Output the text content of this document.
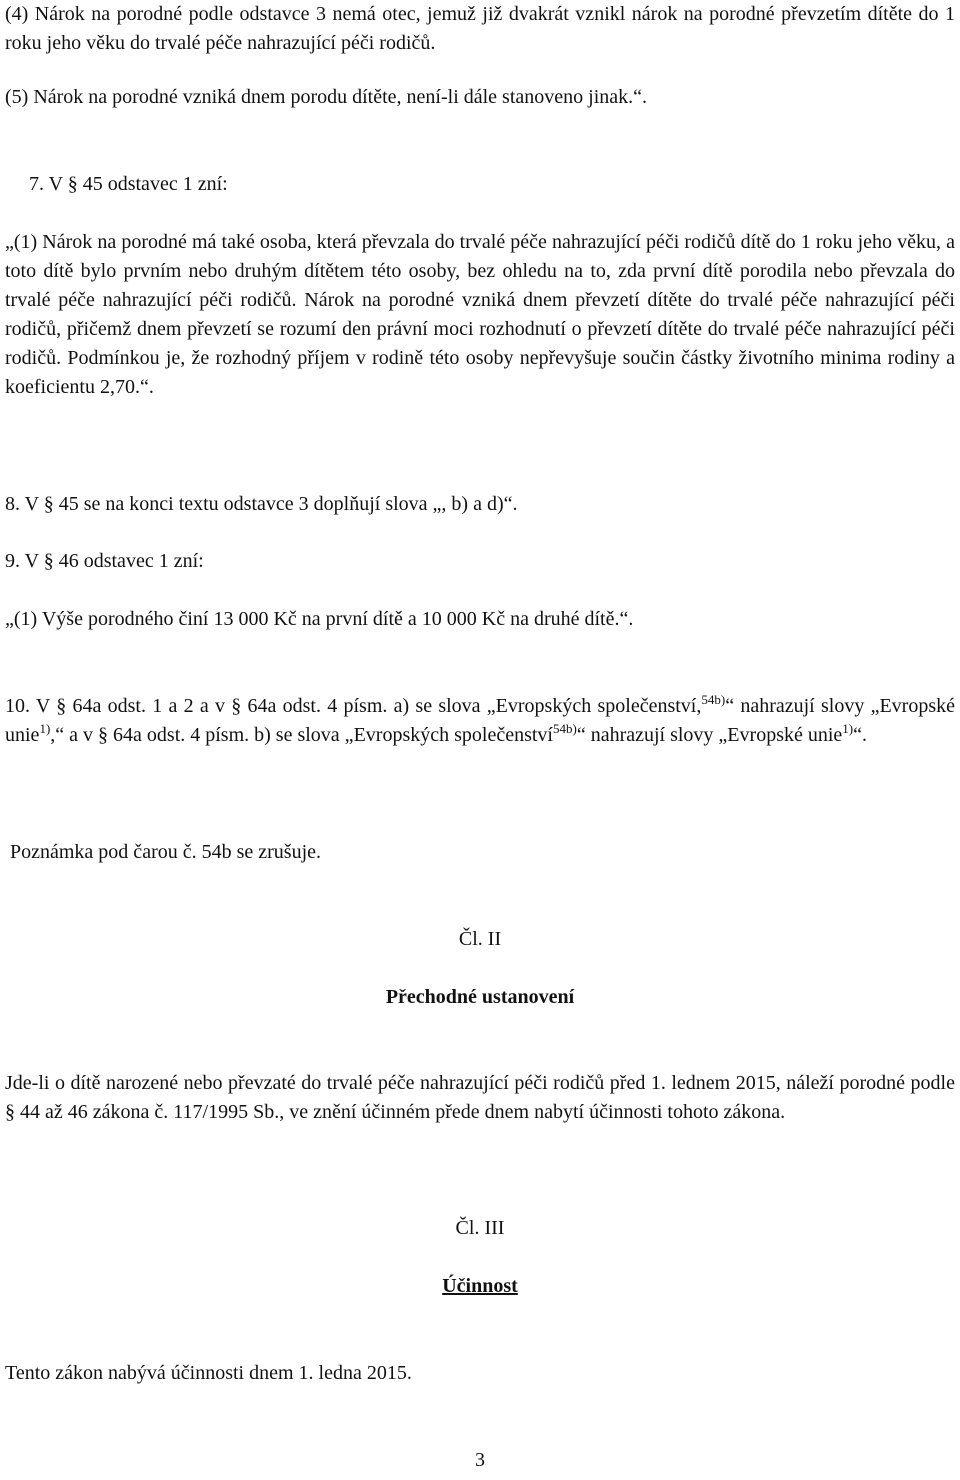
(4) Nárok na porodné podle odstavce 3 nemá otec, jemuž již dvakrát vznikl nárok na porodné převzetím dítěte do 1 roku jeho věku do trvalé péče nahrazující péči rodičů.

(5) Nárok na porodné vzniká dnem porodu dítěte, není-li dále stanoveno jinak.“.

7. V § 45 odstavec 1 zní:

„(1) Nárok na porodné má také osoba, která převzala do trvalé péče nahrazující péči rodičů dítě do 1 roku jeho věku, a toto dítě bylo prvním nebo druhým dítětem této osoby, bez ohledu na to, zda první dítě porodila nebo převzala do trvalé péče nahrazující péči rodičů. Nárok na porodné vzniká dnem převzetí dítěte do trvalé péče nahrazující péči rodičů, přičemž dnem převzetí se rozumí den právní moci rozhodnutí o převzetí dítěte do trvalé péče nahrazující péči rodičů. Podmínkou je, že rozhodný příjem v rodině této osoby nepřevyšuje součin částky životního minima rodiny a koeficientu 2,70.“.

8. V § 45 se na konci textu odstavce 3 doplňují slova „, b) a d)“.

9. V § 46 odstavec 1 zní:

„(1) Výše porodného činí 13 000 Kč na první dítě a 10 000 Kč na druhé dítě.“.

10. V § 64a odst. 1 a 2 a v § 64a odst. 4 písm. a) se slova „Evropských společenství,$^{54b)}$“ nahrazují slovy „Evropské unie$^{1)}$,“ a v § 64a odst. 4 písm. b) se slova „Evropských společenství$^{54b)}$“ nahrazují slovy „Evropské unie$^{1)}$“.

Poznámka pod čarou č. 54b se zrušuje.

Čl. II

Přechodné ustanovení

Jde-li o dítě narozené nebo převzaté do trvalé péče nahrazující péči rodičů před 1. lednem 2015, náleží porodné podle § 44 až 46 zákona č. 117/1995 Sb., ve znění účinném přede dnem nabytí účinnosti tohoto zákona.

Čl. III

Účinnost

Tento zákon nabývá účinnosti dnem 1. ledna 2015.

3
